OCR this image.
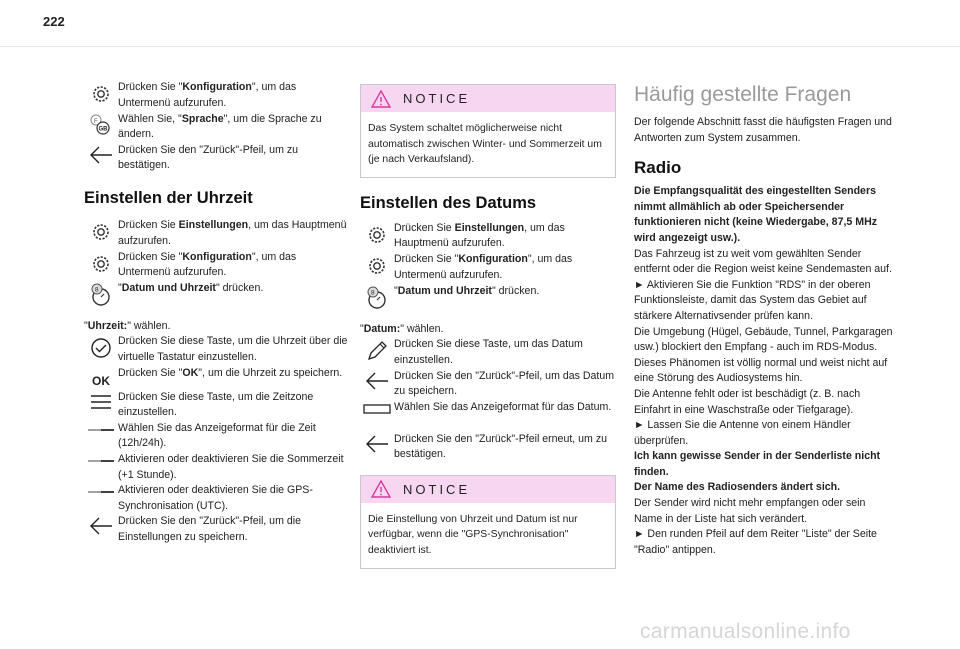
222
Drücken Sie "Konfiguration", um das Untermenü aufzurufen.
F
GB
Wählen Sie, "Sprache", um die Sprache zu ändern.
Drücken Sie den "Zurück"-Pfeil, um zu bestätigen.
Einstellen der Uhrzeit
Drücken Sie Einstellungen, um das Hauptmenü aufzurufen.
Drücken Sie "Konfiguration", um das Untermenü aufzurufen.
8 "Datum und Uhrzeit" drücken.
"Uhrzeit:" wählen.
Drücken Sie diese Taste, um die Uhrzeit über die virtuelle Tastatur einzustellen.
OK
Drücken Sie "OK", um die Uhrzeit zu speichern.
Drücken Sie diese Taste, um die Zeitzone einzustellen.
Wählen Sie das Anzeigeformat für die Zeit (12h/24h).
Aktivieren oder deaktivieren Sie die Sommerzeit (+1 Stunde).
Aktivieren oder deaktivieren Sie die GPS-Synchronisation (UTC).
Drücken Sie den "Zurück"-Pfeil, um die Einstellungen zu speichern.
NOTICE
Das System schaltet möglicherweise nicht automatisch zwischen Winter- und Sommerzeit um (je nach Verkaufsland).
Einstellen des Datums
Drücken Sie Einstellungen, um das Hauptmenü aufzurufen.
Drücken Sie "Konfiguration", um das Untermenü aufzurufen.
8 "Datum und Uhrzeit" drücken.
"Datum:" wählen.
Drücken Sie diese Taste, um das Datum einzustellen.
Drücken Sie den "Zurück"-Pfeil, um das Datum zu speichern.
Wählen Sie das Anzeigeformat für das Datum.
Drücken Sie den "Zurück"-Pfeil erneut, um zu bestätigen.
NOTICE
Die Einstellung von Uhrzeit und Datum ist nur verfügbar, wenn die "GPS-Synchronisation" deaktiviert ist.
Häufig gestellte Fragen
Der folgende Abschnitt fasst die häufigsten Fragen und Antworten zum System zusammen.
Radio
Die Empfangsqualität des eingestellten Senders nimmt allmählich ab oder Speichersender funktionieren nicht (keine Wiedergabe, 87,5 MHz wird angezeigt usw.).
Das Fahrzeug ist zu weit vom gewählten Sender entfernt oder die Region weist keine Sendemasten auf.
► Aktivieren Sie die Funktion "RDS" in der oberen Funktionsleiste, damit das System das Gebiet auf stärkere Alternativsender prüfen kann.
Die Umgebung (Hügel, Gebäude, Tunnel, Parkgaragen usw.) blockiert den Empfang - auch im RDS-Modus.
Dieses Phänomen ist völlig normal und weist nicht auf eine Störung des Audiosystems hin.
Die Antenne fehlt oder ist beschädigt (z. B. nach Einfahrt in eine Waschstraße oder Tiefgarage).
► Lassen Sie die Antenne von einem Händler überprüfen.
Ich kann gewisse Sender in der Senderliste nicht finden.
Der Name des Radiosenders ändert sich.
Der Sender wird nicht mehr empfangen oder sein Name in der Liste hat sich verändert.
► Den runden Pfeil auf dem Reiter "Liste" der Seite "Radio" antippen.
carmanualsonline.info
